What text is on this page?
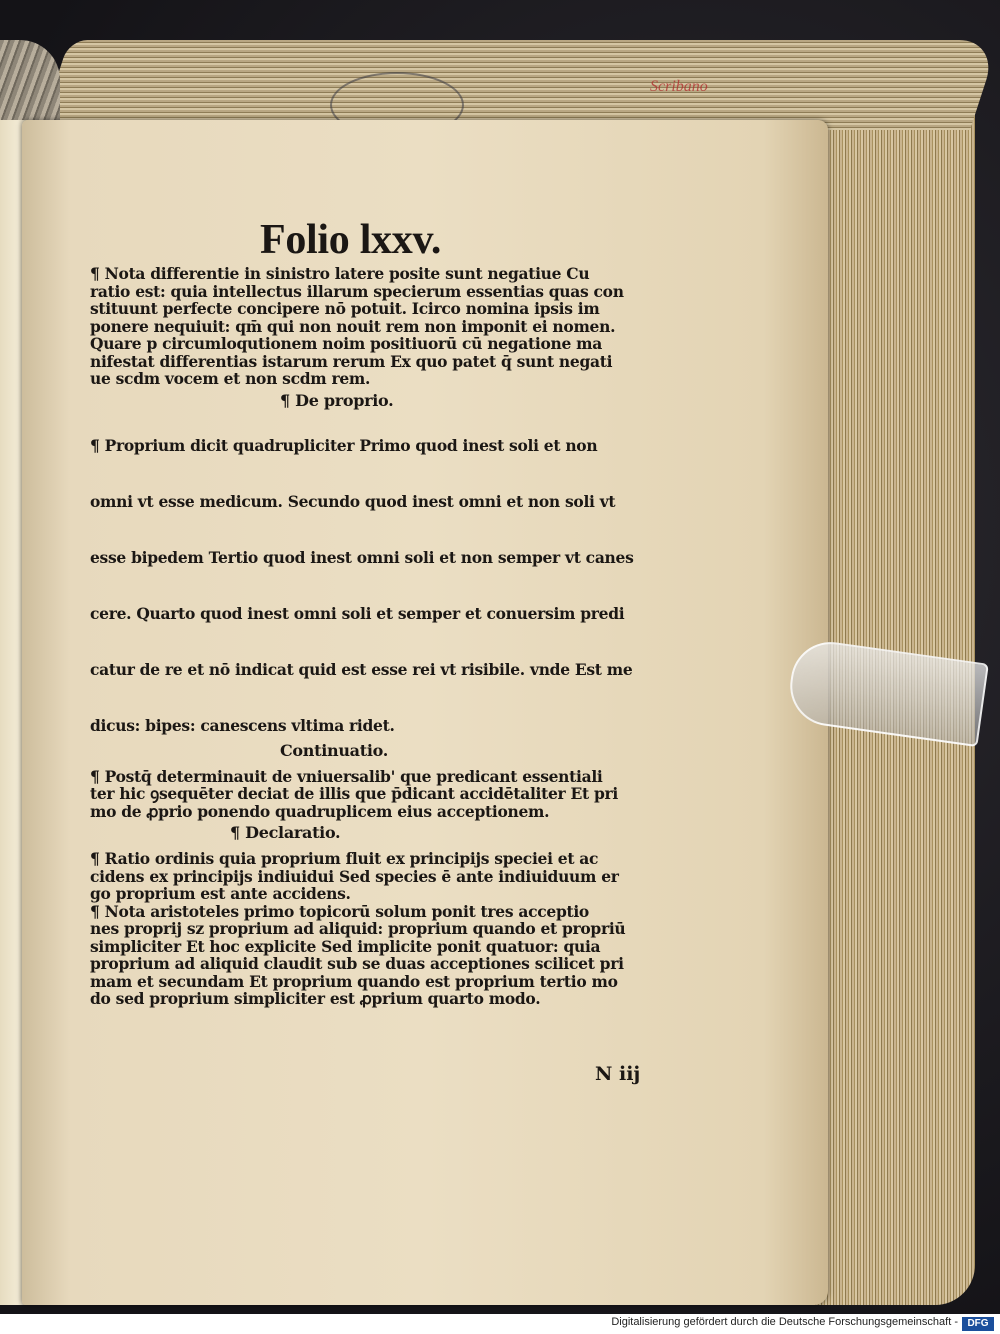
Scribano
Folio lxxv.

¶ Nota differentie in sinistro latere posite sunt negatiue Cu
ratio est: quia intellectus illarum specierum essentias quas con
stituunt perfecte concipere nō potuit. Icirco nomina ipsis im
ponere nequiuit: qm̄ qui non nouit rem non imponit ei nomen.
Quare p circumloqutionem noim positiuorū cū negatione ma
nifestat differentias istarum rerum Ex quo patet q̄ sunt negati
ue scdm vocem et non scdm rem.

¶ De proprio.

¶ Proprium dicit quadrupliciter Primo quod inest soli et non
omni vt esse medicum. Secundo quod inest omni et non soli vt
esse bipedem Tertio quod inest omni soli et non semper vt canes
cere. Quarto quod inest omni soli et semper et conuersim predi
catur de re et nō indicat quid est esse rei vt risibile. vnde Est me
dicus: bipes: canescens vltima ridet.

Continuatio.

¶ Postq̄ determinauit de vniuersalib' que predicant essentiali
ter hic ꝯsequēter deciat de illis que p̄dicant accidētaliter Et pri
mo de ꝓprio ponendo quadruplicem eius acceptionem.

¶ Declaratio.

¶ Ratio ordinis quia proprium fluit ex principijs speciei et ac
cidens ex principijs indiuidui Sed species ē ante indiuiduum er
go proprium est ante accidens.
¶ Nota aristoteles primo topicorū solum ponit tres acceptio
nes proprij sz proprium ad aliquid: proprium quando et propriū
simpliciter Et hoc explicite Sed implicite ponit quatuor: quia
proprium ad aliquid claudit sub se duas acceptiones scilicet pri
mam et secundam Et proprium quando est proprium tertio mo
do sed proprium simpliciter est ꝓprium quarto modo.

N iij
Digitalisierung gefördert durch die Deutsche Forschungsgemeinschaft - DFG
